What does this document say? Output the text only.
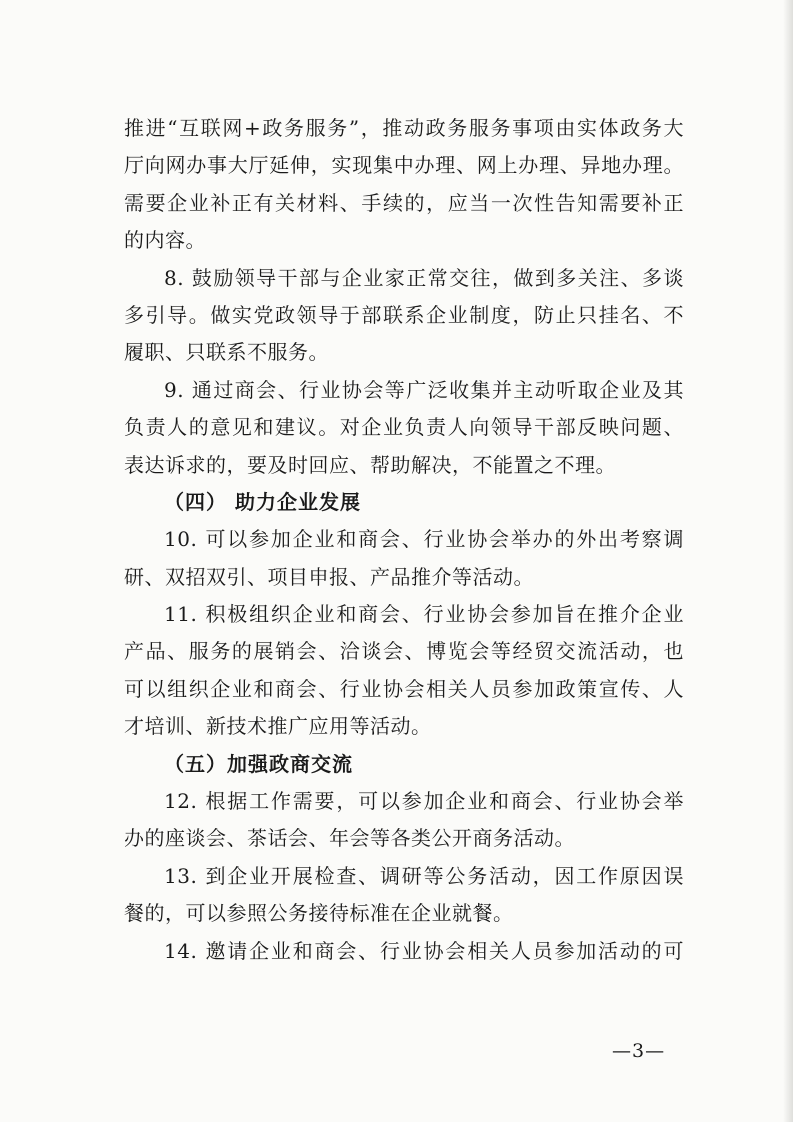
推进“互联网+政务服务”，推动政务服务事项由实体政务大
厅向网办事大厅延伸，实现集中办理、网上办理、异地办理。
需要企业补正有关材料、手续的，应当一次性告知需要补正
的内容。
8. 鼓励领导干部与企业家正常交往，做到多关注、多谈
多引导。做实党政领导于部联系企业制度，防止只挂名、不
履职、只联系不服务。
9. 通过商会、行业协会等广泛收集并主动听取企业及其
负责人的意见和建议。对企业负责人向领导干部反映问题、
表达诉求的，要及时回应、帮助解决，不能置之不理。
（四） 助力企业发展
10. 可以参加企业和商会、行业协会举办的外出考察调
研、双招双引、项目申报、产品推介等活动。
11. 积极组织企业和商会、行业协会参加旨在推介企业
产品、服务的展销会、洽谈会、博览会等经贸交流活动，也
可以组织企业和商会、行业协会相关人员参加政策宣传、人
才培训、新技术推广应用等活动。
（五）加强政商交流
12. 根据工作需要，可以参加企业和商会、行业协会举
办的座谈会、茶话会、年会等各类公开商务活动。
13. 到企业开展检查、调研等公务活动，因工作原因误
餐的，可以参照公务接待标准在企业就餐。
14. 邀请企业和商会、行业协会相关人员参加活动的可
—3—
